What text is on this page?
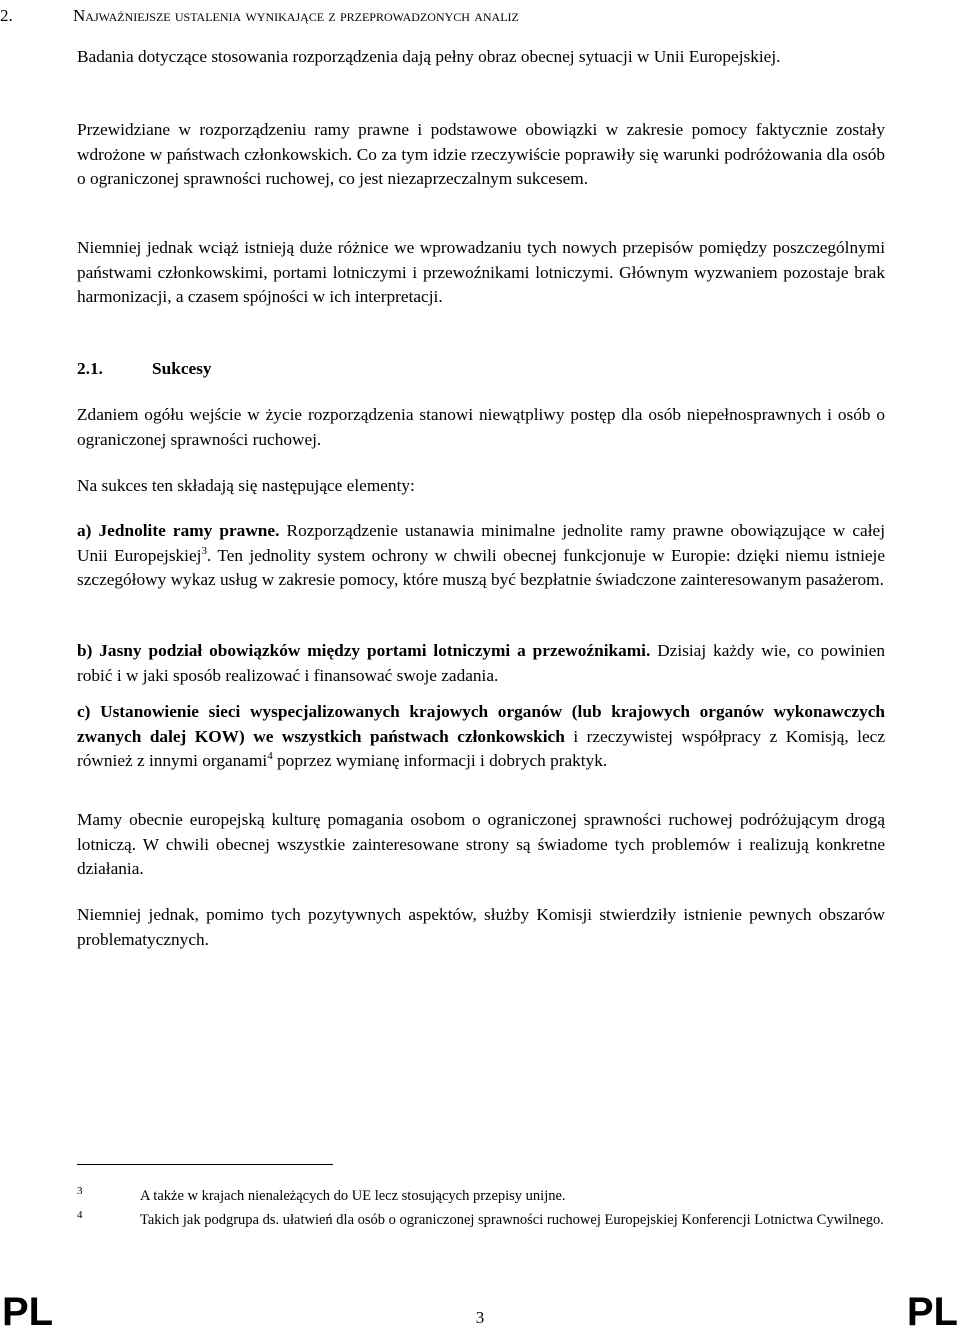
2.	Najważniejsze ustalenia wynikające z przeprowadzonych analiz

Badania dotyczące stosowania rozporządzenia dają pełny obraz obecnej sytuacji w Unii Europejskiej.

Przewidziane w rozporządzeniu ramy prawne i podstawowe obowiązki w zakresie pomocy faktycznie zostały wdrożone w państwach członkowskich. Co za tym idzie rzeczywiście poprawiły się warunki podróżowania dla osób o ograniczonej sprawności ruchowej, co jest niezaprzeczalnym sukcesem.

Niemniej jednak wciąż istnieją duże różnice we wprowadzaniu tych nowych przepisów pomiędzy poszczególnymi państwami członkowskimi, portami lotniczymi i przewoźnikami lotniczymi. Głównym wyzwaniem pozostaje brak harmonizacji, a czasem spójności w ich interpretacji.

2.1.	Sukcesy

Zdaniem ogółu wejście w życie rozporządzenia stanowi niewątpliwy postęp dla osób niepełnosprawnych i osób o ograniczonej sprawności ruchowej.

Na sukces ten składają się następujące elementy:

a) Jednolite ramy prawne. Rozporządzenie ustanawia minimalne jednolite ramy prawne obowiązujące w całej Unii Europejskiej$^3$. Ten jednolity system ochrony w chwili obecnej funkcjonuje w Europie: dzięki niemu istnieje szczegółowy wykaz usług w zakresie pomocy, które muszą być bezpłatnie świadczone zainteresowanym pasażerom.

b) Jasny podział obowiązków między portami lotniczymi a przewoźnikami. Dzisiaj każdy wie, co powinien robić i w jaki sposób realizować i finansować swoje zadania.

c) Ustanowienie sieci wyspecjalizowanych krajowych organów (lub krajowych organów wykonawczych zwanych dalej KOW) we wszystkich państwach członkowskich i rzeczywistej współpracy z Komisją, lecz również z innymi organami$^4$ poprzez wymianę informacji i dobrych praktyk.

Mamy obecnie europejską kulturę pomagania osobom o ograniczonej sprawności ruchowej podróżującym drogą lotniczą. W chwili obecnej wszystkie zainteresowane strony są świadome tych problemów i realizują konkretne działania.

Niemniej jednak, pomimo tych pozytywnych aspektów, służby Komisji stwierdziły istnienie pewnych obszarów problematycznych.

3	A także w krajach nienależących do UE lecz stosujących przepisy unijne.
4	Takich jak podgrupa ds. ułatwień dla osób o ograniczonej sprawności ruchowej Europejskiej Konferencji Lotnictwa Cywilnego.
PL	3	PL
